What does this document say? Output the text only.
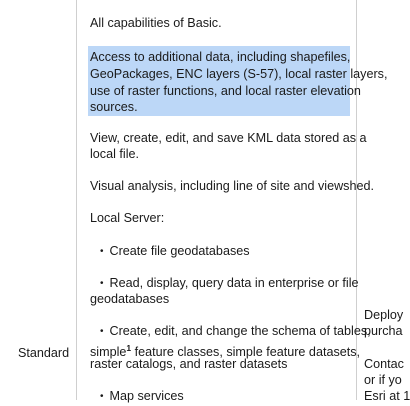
Standard
All capabilities of Basic.
Access to additional data, including shapefiles,
GeoPackages, ENC layers (S-57), local raster layers,
use of raster functions, and local raster elevation
sources.
View, create, edit, and save KML data stored as a
local file.
Visual analysis, including line of site and viewshed.
Local Server:
• Create file geodatabases
• Read, display, query data in enterprise or file
geodatabases
• Create, edit, and change the schema of tables,
simple$^1$ feature classes, simple feature datasets,
raster catalogs, and raster datasets
• Map services
Deploy
purcha
Contac
or if yo
Esri at 1
